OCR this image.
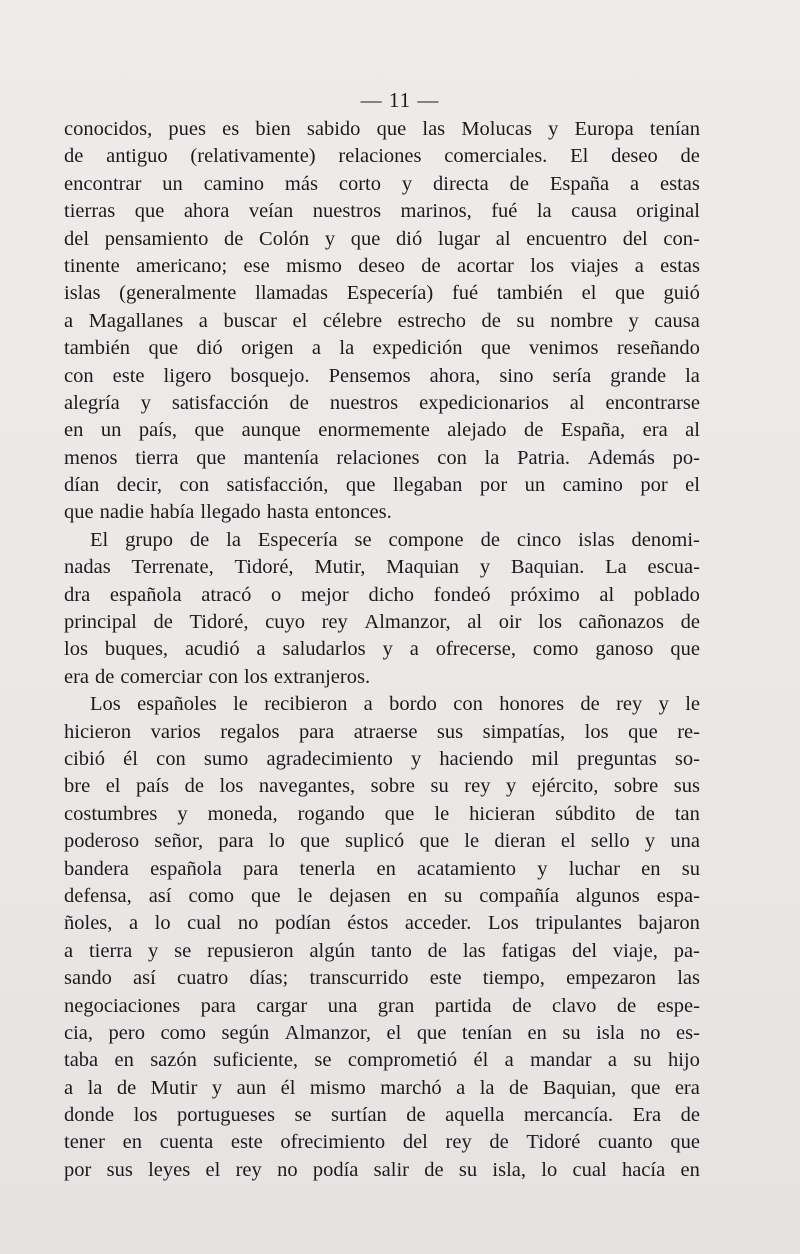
— 11 —
conocidos, pues es bien sabido que las Molucas y Europa tenían
de antiguo (relativamente) relaciones comerciales. El deseo de
encontrar un camino más corto y directa de España a estas
tierras que ahora veían nuestros marinos, fué la causa original
del pensamiento de Colón y que dió lugar al encuentro del con-
tinente americano; ese mismo deseo de acortar los viajes a estas
islas (generalmente llamadas Especería) fué también el que guió
a Magallanes a buscar el célebre estrecho de su nombre y causa
también que dió origen a la expedición que venimos reseñando
con este ligero bosquejo. Pensemos ahora, sino sería grande la
alegría y satisfacción de nuestros expedicionarios al encontrarse
en un país, que aunque enormemente alejado de España, era al
menos tierra que mantenía relaciones con la Patria. Además po-
dían decir, con satisfacción, que llegaban por un camino por el
que nadie había llegado hasta entonces.
El grupo de la Especería se compone de cinco islas denomi-
nadas Terrenate, Tidoré, Mutir, Maquian y Baquian. La escua-
dra española atracó o mejor dicho fondeó próximo al poblado
principal de Tidoré, cuyo rey Almanzor, al oir los cañonazos de
los buques, acudió a saludarlos y a ofrecerse, como ganoso que
era de comerciar con los extranjeros.
Los españoles le recibieron a bordo con honores de rey y le
hicieron varios regalos para atraerse sus simpatías, los que re-
cibió él con sumo agradecimiento y haciendo mil preguntas so-
bre el país de los navegantes, sobre su rey y ejército, sobre sus
costumbres y moneda, rogando que le hicieran súbdito de tan
poderoso señor, para lo que suplicó que le dieran el sello y una
bandera española para tenerla en acatamiento y luchar en su
defensa, así como que le dejasen en su compañía algunos espa-
ñoles, a lo cual no podían éstos acceder. Los tripulantes bajaron
a tierra y se repusieron algún tanto de las fatigas del viaje, pa-
sando así cuatro días; transcurrido este tiempo, empezaron las
negociaciones para cargar una gran partida de clavo de espe-
cia, pero como según Almanzor, el que tenían en su isla no es-
taba en sazón suficiente, se comprometió él a mandar a su hijo
a la de Mutir y aun él mismo marchó a la de Baquian, que era
donde los portugueses se surtían de aquella mercancía. Era de
tener en cuenta este ofrecimiento del rey de Tidoré cuanto que
por sus leyes el rey no podía salir de su isla, lo cual hacía en
